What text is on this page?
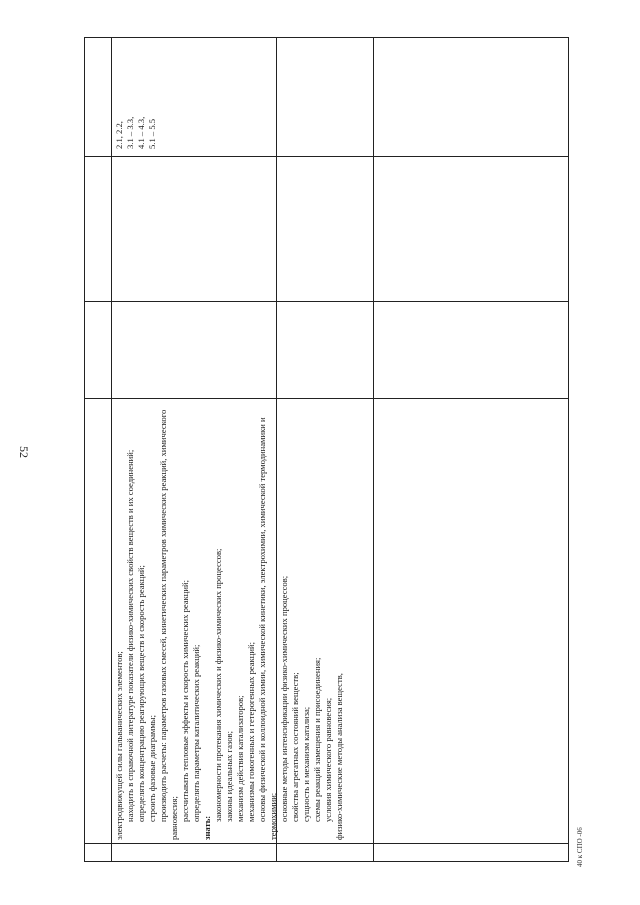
52

электродвижущей силы гальванических элементов; находить в справочной литературе показатели физико-химических свойств веществ и их соединений; определять концентрацию реагирующих веществ и скорость реакций; строить фазовые диаграммы; производить расчеты: параметров газовых смесей, кинетических параметров химических реакций, химического равновесия; рассчитывать тепловые эффекты и скорость химических реакций; определять параметры каталитических реакций;

знать:

закономерности протекания химических и физико-химических процессов; законы идеальных газов; механизм действия катализаторов; механизмы гомогенных и гетерогенных реакций; основы физической и коллоидной химии, химической кинетики, электрохимии, химической термодинамики и термохимии; основные методы интенсификации физико-химических процессов; свойства агрегатных состояний веществ; сущность и механизм катализа; схемы реакций замещения и присоединения; условия химического равновесия; физико-химические методы анализа веществ,

2.1, 2.2, 3.1 – 3.3, 4.1 – 4.3, 5.1 – 5.5
40 к СПО -06
